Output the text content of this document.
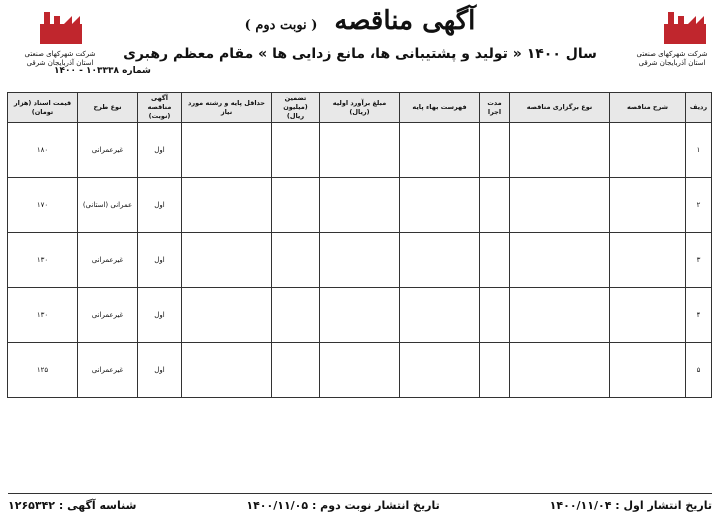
شرکت شهرکهای صنعتی استان آذربایجان شرقی
شرکت شهرکهای صنعتی استان آذربایجان شرقی
آگهی مناقصه ( نوبت دوم )
سال ۱۴۰۰ « تولید و پشتیبانی ها، مانع زدایی ها » مقام معظم رهبری
شماره ۱۰۳۳۳۸ - ۱۴۰۰
ردیف	شرح مناقصه	نوع برگزاری مناقصه	مدت اجرا	فهرست بهاء پایه	مبلغ برآورد اولیه (ریال)	تضمین (میلیون ریال)	حداقل پایه و رشته مورد نیاز	آگهی مناقصه (نوبت)	نوع طرح	قیمت اسناد (هزار تومان)
۱								اول	غیرعمرانی	۱۸۰
۲								اول	عمرانی (استانی)	۱۷۰
۳								اول	غیرعمرانی	۱۳۰
۴								اول	غیرعمرانی	۱۳۰
۵								اول	غیرعمرانی	۱۲۵
تاریخ انتشار اول : ۱۴۰۰/۱۱/۰۴
تاریخ انتشار نوبت دوم : ۱۴۰۰/۱۱/۰۵
شناسه آگهی : ۱۲۶۵۳۴۲
